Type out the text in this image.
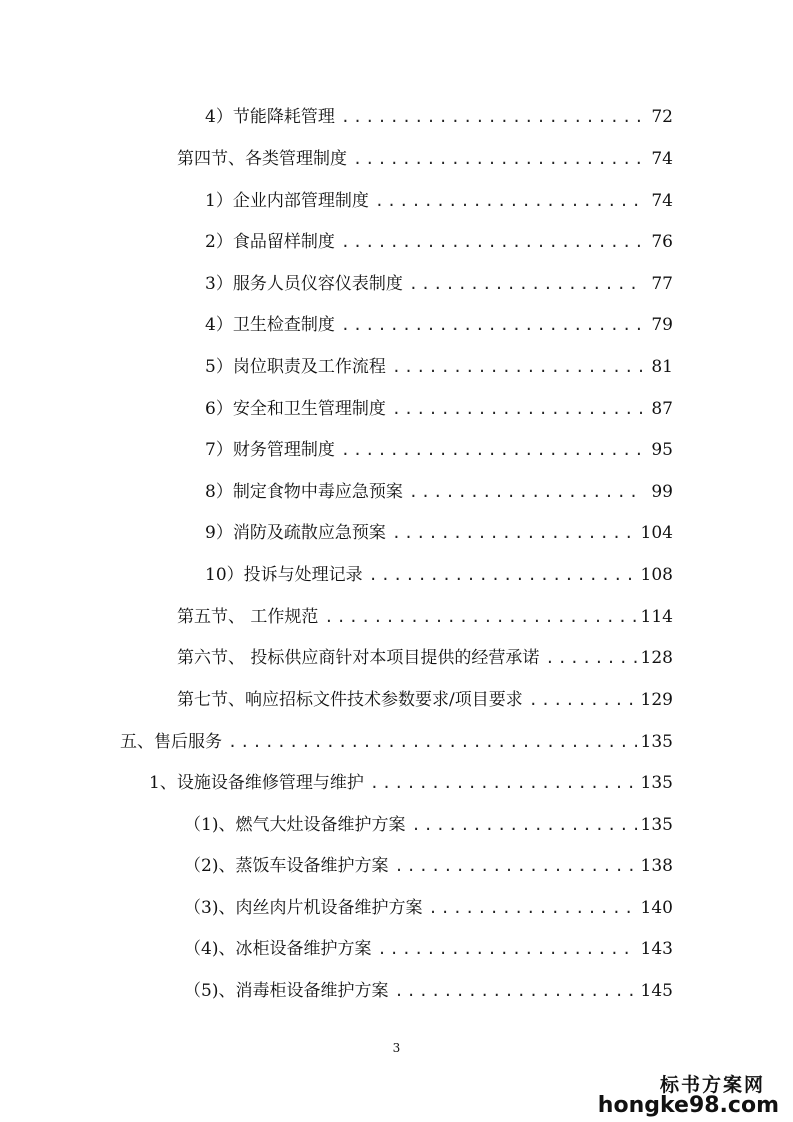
4）节能降耗管理 .....	72
第四节、各类管理制度 .....	74
1）企业内部管理制度 .....	74
2）食品留样制度 .....	76
3）服务人员仪容仪表制度 .....	77
4）卫生检查制度 .....	79
5）岗位职责及工作流程 .....	81
6）安全和卫生管理制度 .....	87
7）财务管理制度 .....	95
8）制定食物中毒应急预案 .....	99
9）消防及疏散应急预案 .....	104
10）投诉与处理记录 .....	108
第五节、 工作规范 .....	114
第六节、 投标供应商针对本项目提供的经营承诺 .....	128
第七节、响应招标文件技术参数要求/项目要求 .....	129
五、售后服务 .....	135
1、设施设备维修管理与维护 .....	135
（1)、燃气大灶设备维护方案 .....	135
（2)、蒸饭车设备维护方案 .....	138
（3)、肉丝肉片机设备维护方案 .....	140
（4)、冰柜设备维护方案 .....	143
（5)、消毒柜设备维护方案 .....	145
3
标书方案网
hongke98.com
